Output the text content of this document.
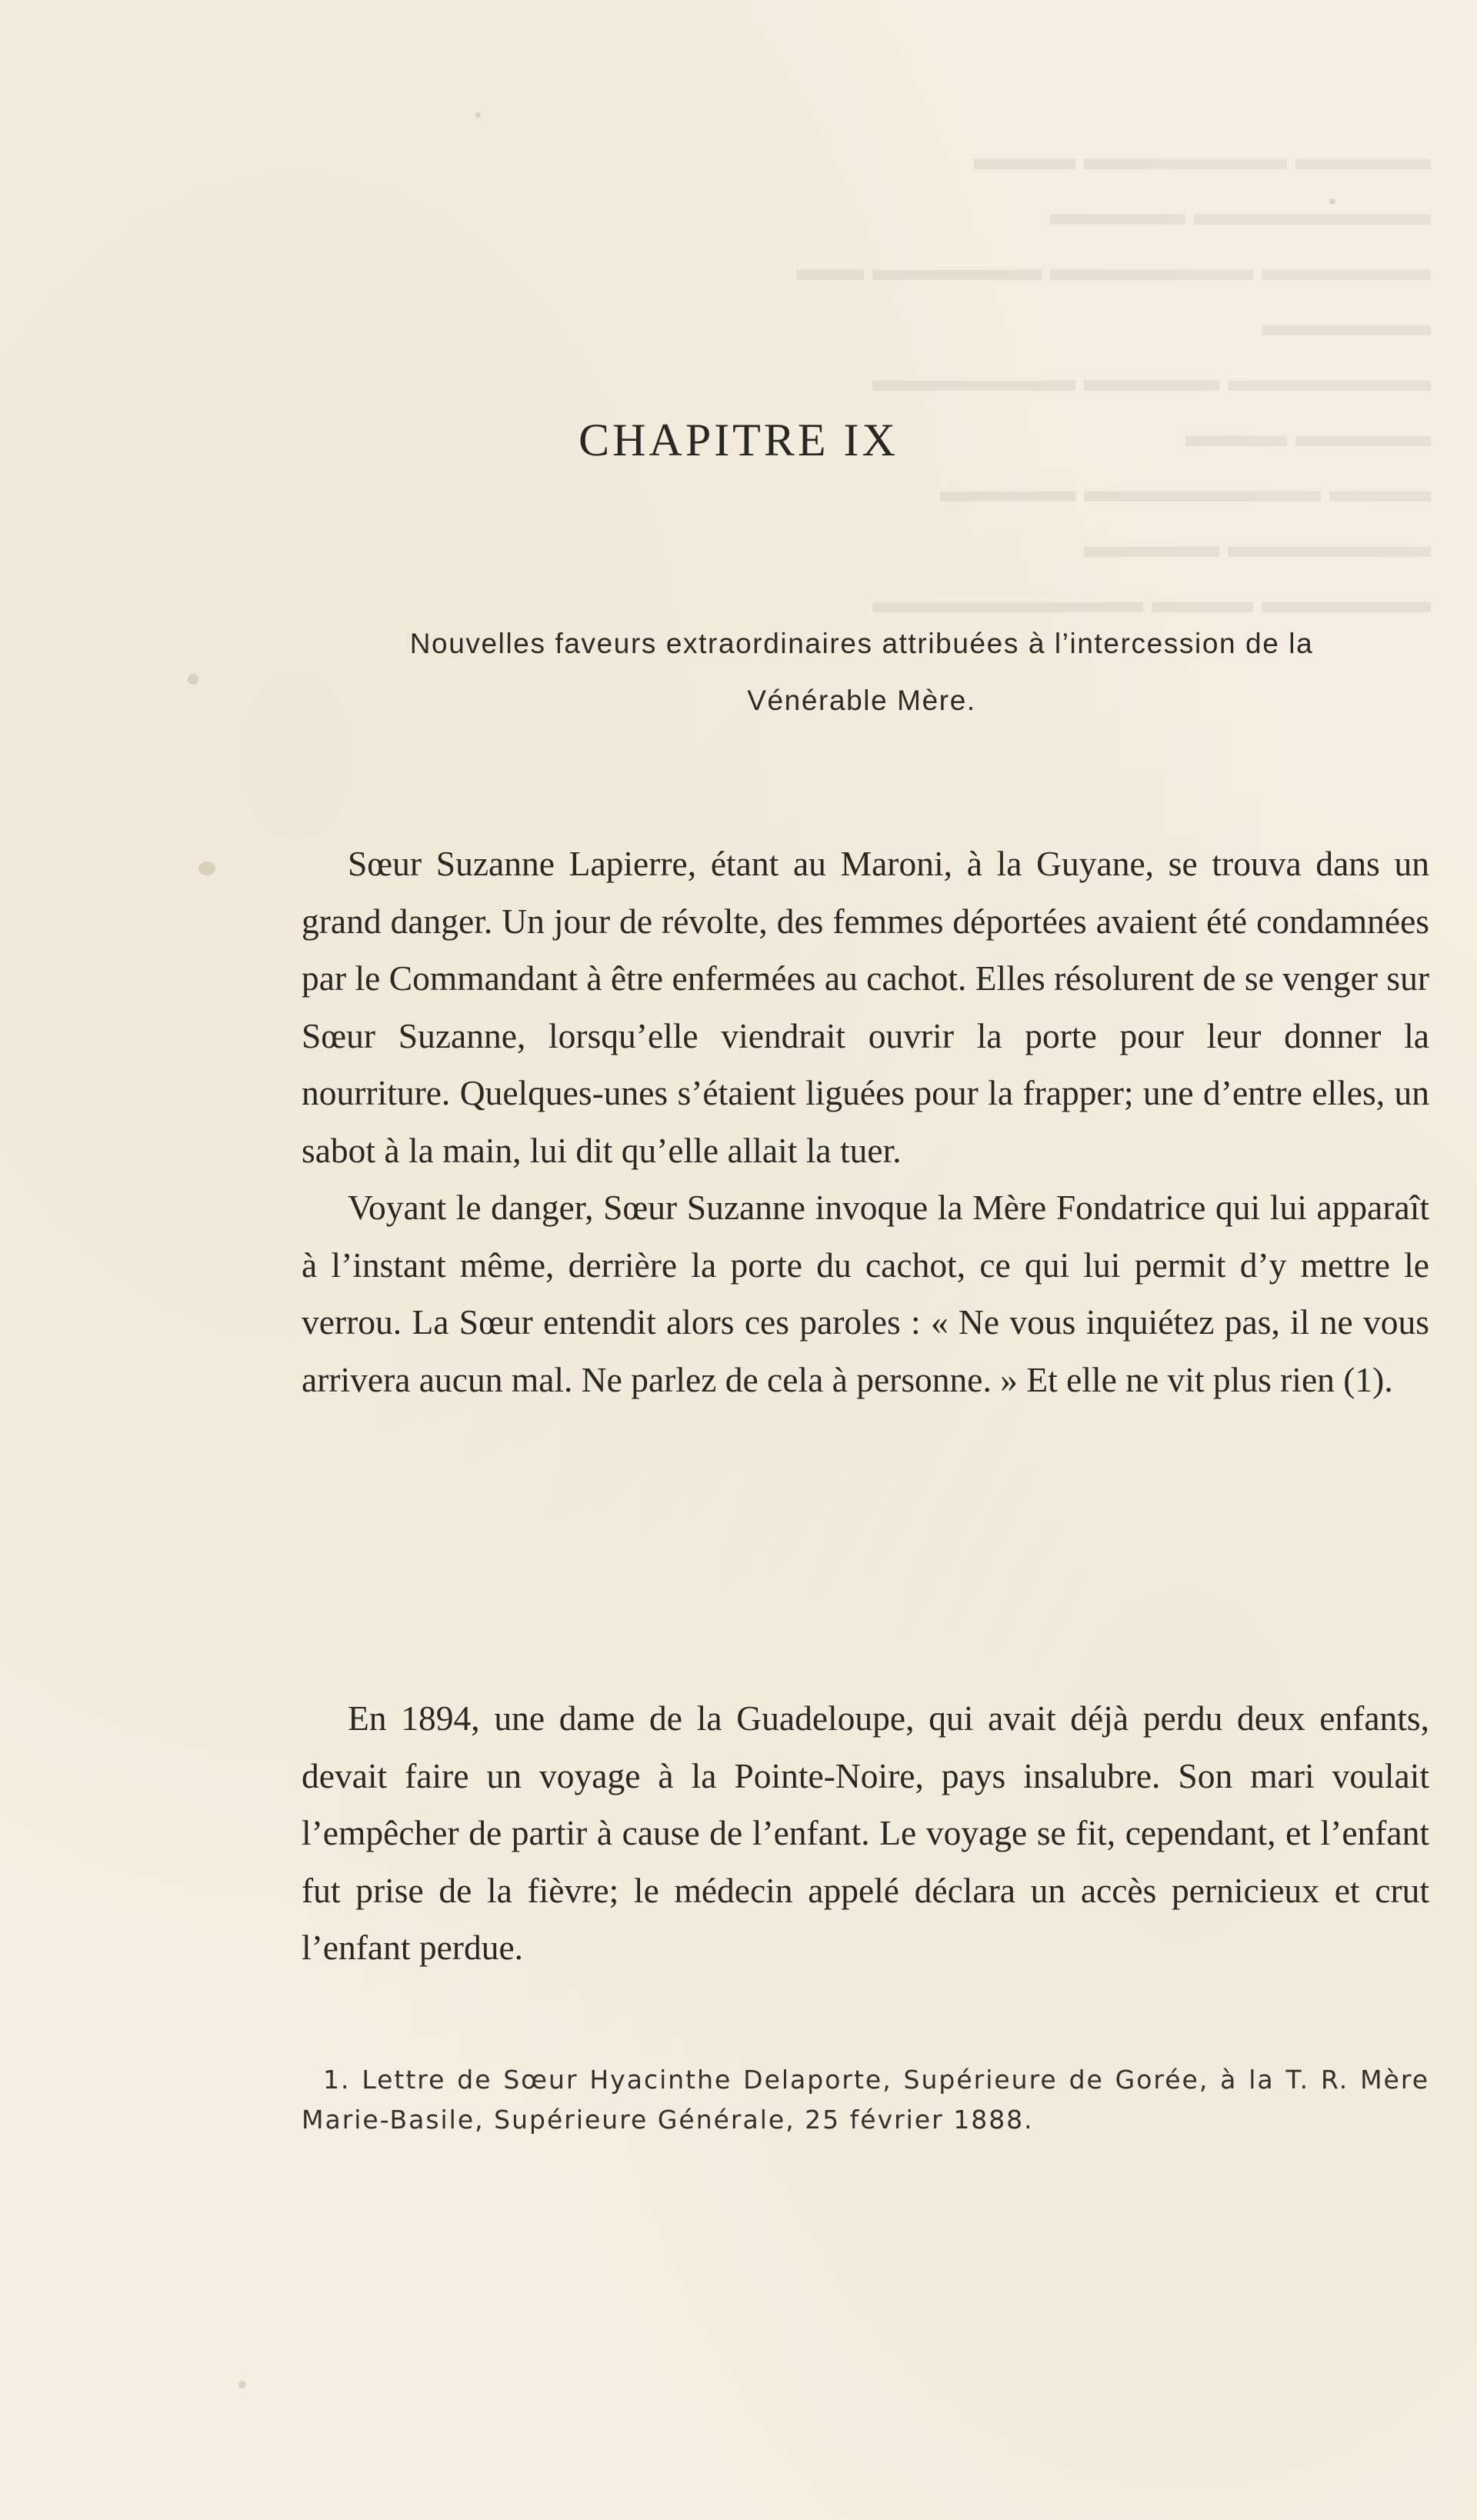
▬▬▬▬ ▬▬▬▬▬▬ ▬▬▬ ▬▬▬▬▬▬▬ ▬▬▬▬
▬▬▬▬▬ ▬▬▬▬▬▬ ▬▬▬▬▬ ▬▬ ▬▬▬▬▬
▬▬▬▬▬▬ ▬▬▬▬ ▬▬▬▬▬▬ ▬▬▬▬ ▬▬▬
▬▬▬ ▬▬▬▬▬▬▬ ▬▬▬▬ ▬▬▬▬▬▬ ▬▬▬▬
▬▬▬▬▬ ▬▬▬ ▬▬▬▬▬▬▬▬

CHAPITRE IX

Nouvelles faveurs extraordinaires attribuées à l’intercession de la Vénérable Mère.

Sœur Suzanne Lapierre, étant au Maroni, à la Guyane, se trouva dans un grand danger. Un jour de révolte, des femmes déportées avaient été condamnées par le Commandant à être enfermées au cachot. Elles résolurent de se venger sur Sœur Suzanne, lorsqu’elle viendrait ouvrir la porte pour leur donner la nourriture. Quelques-unes s’étaient liguées pour la frapper; une d’entre elles, un sabot à la main, lui dit qu’elle allait la tuer.

Voyant le danger, Sœur Suzanne invoque la Mère Fondatrice qui lui apparaît à l’instant même, derrière la porte du cachot, ce qui lui permit d’y mettre le verrou. La Sœur entendit alors ces paroles : « Ne vous inquiétez pas, il ne vous arrivera aucun mal. Ne parlez de cela à personne. » Et elle ne vit plus rien (1).

En 1894, une dame de la Guadeloupe, qui avait déjà perdu deux enfants, devait faire un voyage à la Pointe-Noire, pays insalubre. Son mari voulait l’empêcher de partir à cause de l’enfant. Le voyage se fit, cependant, et l’enfant fut prise de la fièvre; le médecin appelé déclara un accès pernicieux et crut l’enfant perdue.

1. Lettre de Sœur Hyacinthe Delaporte, Supérieure de Gorée, à la T. R. Mère Marie-Basile, Supérieure Générale, 25 février 1888.
